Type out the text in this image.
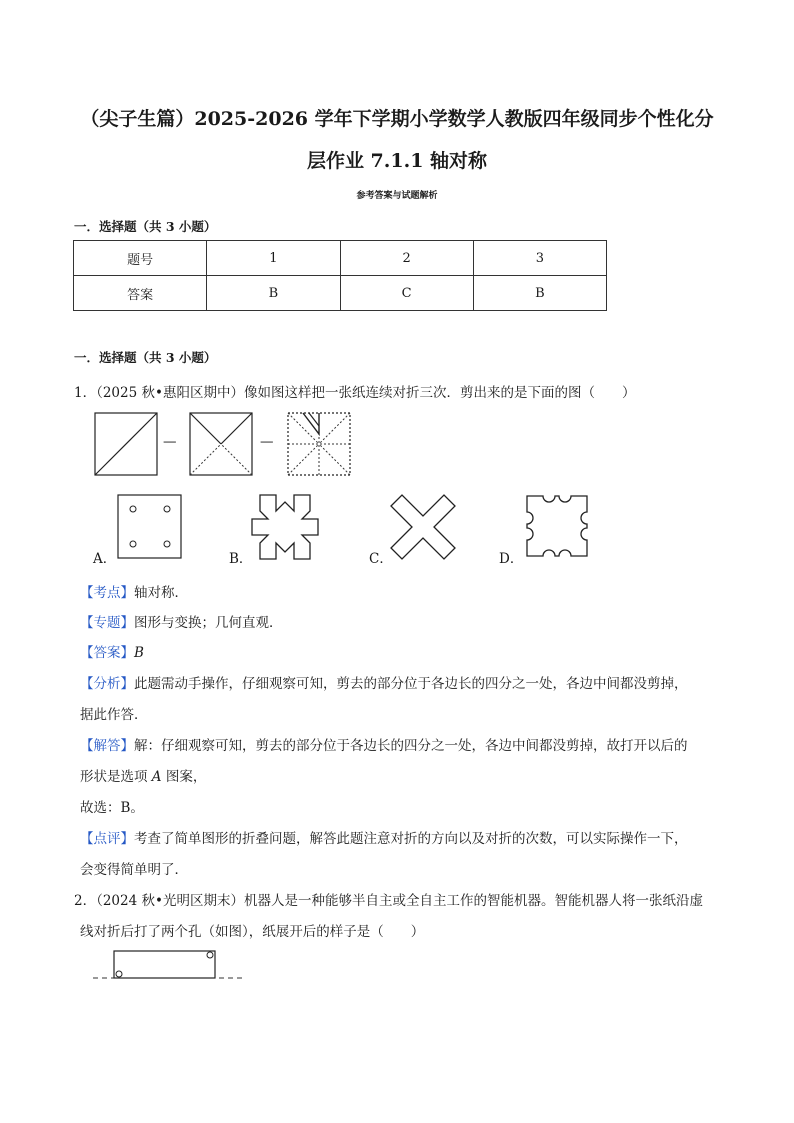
（尖子生篇）2025-2026 学年下学期小学数学人教版四年级同步个性化分
层作业 7.1.1 轴对称
参考答案与试题解析
一．选择题（共 3 小题）
题号	1	2	3
答案	B	C	B
一．选择题（共 3 小题）
1．（2025 秋•惠阳区期中）像如图这样把一张纸连续对折三次．剪出来的是下面的图（　　）
—	—
A．	B．	C．	D．
【考点】轴对称．
【专题】图形与变换；几何直观．
【答案】B
【分析】此题需动手操作，仔细观察可知，剪去的部分位于各边长的四分之一处，各边中间都没剪掉，
据此作答．
【解答】解：仔细观察可知，剪去的部分位于各边长的四分之一处，各边中间都没剪掉，故打开以后的
形状是选项 A 图案，
故选：B。
【点评】考查了简单图形的折叠问题，解答此题注意对折的方向以及对折的次数，可以实际操作一下，
会变得简单明了．
2．（2024 秋•光明区期末）机器人是一种能够半自主或全自主工作的智能机器。智能机器人将一张纸沿虚
线对折后打了两个孔（如图），纸展开后的样子是（　　）
